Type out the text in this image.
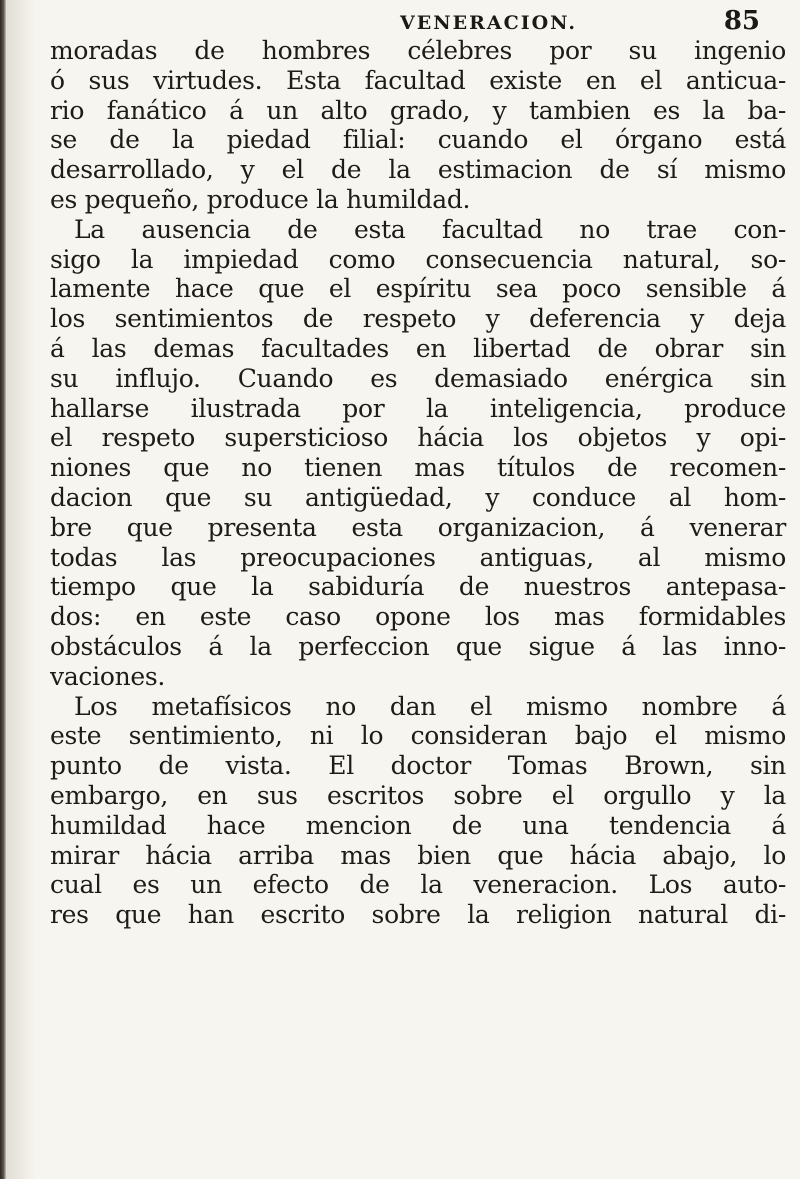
VENERACION.	85
moradas de hombres célebres por su ingenio
ó sus virtudes. Esta facultad existe en el anticua-
rio fanático á un alto grado, y tambien es la ba-
se de la piedad filial: cuando el órgano está
desarrollado, y el de la estimacion de sí mismo
es pequeño, produce la humildad.
La ausencia de esta facultad no trae con-
sigo la impiedad como consecuencia natural, so-
lamente hace que el espíritu sea poco sensible á
los sentimientos de respeto y deferencia y deja
á las demas facultades en libertad de obrar sin
su influjo. Cuando es demasiado enérgica sin
hallarse ilustrada por la inteligencia, produce
el respeto supersticioso hácia los objetos y opi-
niones que no tienen mas títulos de recomen-
dacion que su antigüedad, y conduce al hom-
bre que presenta esta organizacion, á venerar
todas las preocupaciones antiguas, al mismo
tiempo que la sabiduría de nuestros antepasa-
dos: en este caso opone los mas formidables
obstáculos á la perfeccion que sigue á las inno-
vaciones.
Los metafísicos no dan el mismo nombre á
este sentimiento, ni lo consideran bajo el mismo
punto de vista. El doctor Tomas Brown, sin
embargo, en sus escritos sobre el orgullo y la
humildad hace mencion de una tendencia á
mirar hácia arriba mas bien que hácia abajo, lo
cual es un efecto de la veneracion. Los auto-
res que han escrito sobre la religion natural di-
